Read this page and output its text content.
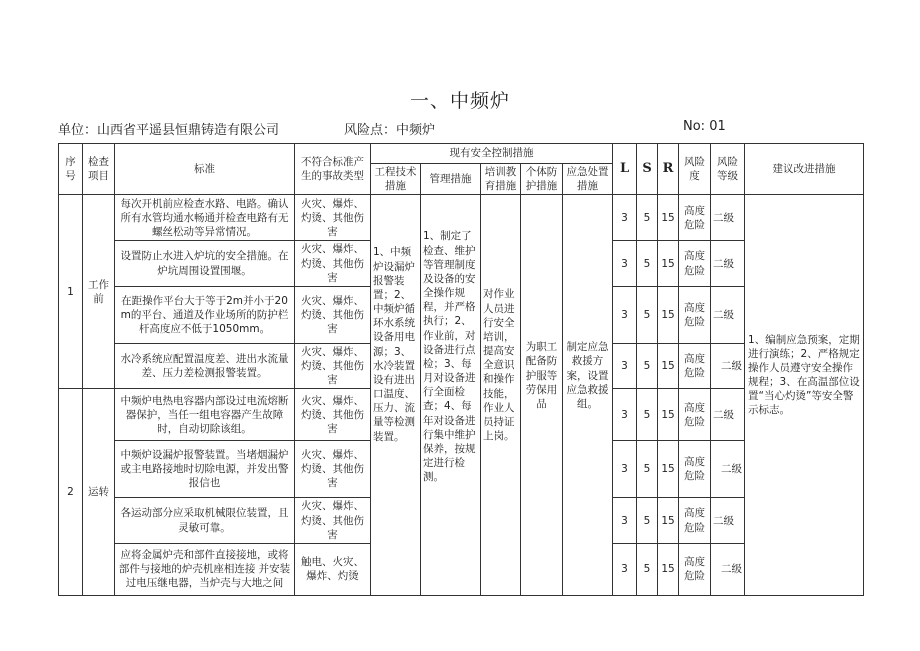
一、中频炉
单位：山西省平遥县恒鼎铸造有限公司	风险点：中频炉	No: 01
序号	检查项目	标准	不符合标准产生的事故类型	现有安全控制措施					L	S	R	风险度	风险等级	建议改进措施
				工程技术措施	管理措施	培训教育措施	个体防护措施	应急处置措施						
1	工作前	每次开机前应检查水路、电路。确认所有水管均通水畅通并检查电路有无螺丝松动等异常情况。	火灾、爆炸、灼烫、其他伤害	1、中频炉设漏炉报警装置；2、中频炉循环水系统设备用电源；3、水冷装置设有进出口温度、压力、流量等检测装置。	1、制定了检查、维护等管理制度及设备的安全操作规程，并严格执行；2、作业前，对设备进行点检；3、每月对设备进行全面检查；4、每年对设备进行集中维护保养，按规定进行检测。	对作业人员进行安全培训，提高安全意识和操作技能，作业人员持证上岗。	为职工配备防护服等劳保用品	制定应急救援方案，设置应急救援组。	3	5	15	高度危险	二级	1、编制应急预案，定期进行演练；2、严格规定操作人员遵守安全操作规程；3、在高温部位设置“当心灼烫”等安全警示标志。
		设置防止水进入炉坑的安全措施。在炉坑周围设置围堰。	火灾、爆炸、灼烫、其他伤害						3	5	15	高度危险	二级	
		在距操作平台大于等于2m并小于20m的平台、通道及作业场所的防护栏杆高度应不低于1050mm。	火灾、爆炸、灼烫、其他伤害						3	5	15	高度危险	二级	
		水冷系统应配置温度差、进出水流量差、压力差检测报警装置。	火灾、爆炸、灼烫、其他伤害						3	5	15	高度危险	二级	
2	运转	中频炉电热电容器内部设过电流熔断器保护，当任一组电容器产生故障时，自动切除该组。	火灾、爆炸、灼烫、其他伤害						3	5	15	高度危险	二级	
		中频炉设漏炉报警装置。当堵烟漏炉或主电路接地时切除电源，并发出警报信也	火灾、爆炸、灼烫、其他伤害						3	5	15	高度危险	二级	
		各运动部分应采取机械限位装置，且灵敏可靠。	火灾、爆炸、灼烫、其他伤害						3	5	15	高度危险	二级	
		应将金属炉壳和部件直接接地，或将部件与接地的炉壳机座相连接 并安装过电压继电器，当炉壳与大地之间	触电、火灾、爆炸、灼烫						3	5	15	高度危险	二级	
